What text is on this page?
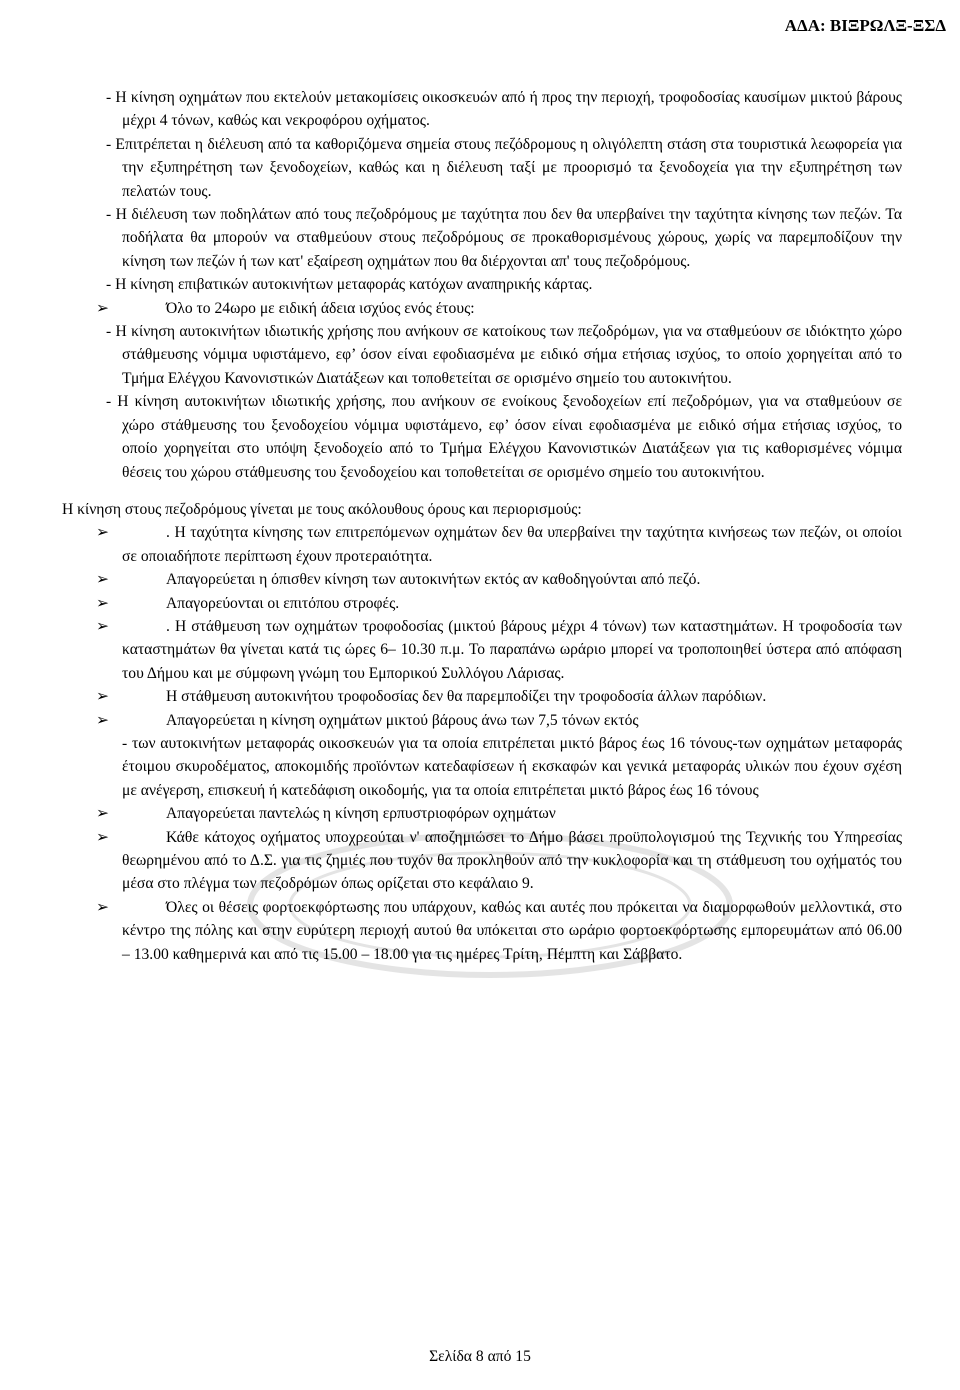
ΑΔΑ: ΒΙΞΡΩΛΞ-ΞΣΔ

- Η κίνηση οχημάτων που εκτελούν μετακομίσεις οικοσκευών από ή προς την περιοχή, τροφοδοσίας καυσίμων μικτού βάρους μέχρι 4 τόνων, καθώς και νεκροφόρου οχήματος.

- Επιτρέπεται η διέλευση από τα καθοριζόμενα σημεία στους πεζόδρομους η ολιγόλεπτη στάση στα τουριστικά λεωφορεία για την εξυπηρέτηση των ξενοδοχείων, καθώς και η διέλευση ταξί με προορισμό τα ξενοδοχεία για την εξυπηρέτηση των πελατών τους.

- Η διέλευση των ποδηλάτων από τους πεζοδρόμους με ταχύτητα που δεν θα υπερβαίνει την ταχύτητα κίνησης των πεζών. Τα ποδήλατα θα μπορούν να σταθμεύουν στους πεζοδρόμους σε προκαθορισμένους χώρους, χωρίς να παρεμποδίζουν την κίνηση των πεζών ή των κατ' εξαίρεση οχημάτων που θα διέρχονται απ' τους πεζοδρόμους.

- Η κίνηση επιβατικών αυτοκινήτων μεταφοράς κατόχων αναπηρικής κάρτας.

➢	Όλο το 24ωρο με ειδική άδεια ισχύος ενός έτους:

- Η κίνηση αυτοκινήτων ιδιωτικής χρήσης που ανήκουν σε κατοίκους των πεζοδρόμων, για να σταθμεύουν σε ιδιόκτητο χώρο στάθμευσης νόμιμα υφιστάμενο, εφ’ όσον είναι εφοδιασμένα με ειδικό σήμα ετήσιας ισχύος, το οποίο χορηγείται από το Τμήμα Ελέγχου Κανονιστικών Διατάξεων και τοποθετείται σε ορισμένο σημείο του αυτοκινήτου.

- Η κίνηση αυτοκινήτων ιδιωτικής χρήσης, που ανήκουν σε ενοίκους ξενοδοχείων επί πεζοδρόμων, για να σταθμεύουν σε χώρο στάθμευσης του ξενοδοχείου νόμιμα υφιστάμενο, εφ’ όσον είναι εφοδιασμένα με ειδικό σήμα ετήσιας ισχύος, το οποίο χορηγείται στο υπόψη ξενοδοχείο από το Τμήμα Ελέγχου Κανονιστικών Διατάξεων για τις καθορισμένες νόμιμα θέσεις του χώρου στάθμευσης του ξενοδοχείου και τοποθετείται σε ορισμένο σημείο του αυτοκινήτου.

Η κίνηση στους πεζοδρόμους γίνεται με τους ακόλουθους όρους και περιορισμούς:

➢	. Η ταχύτητα κίνησης των επιτρεπόμενων οχημάτων δεν θα υπερβαίνει την ταχύτητα κινήσεως των πεζών, οι οποίοι σε οποιαδήποτε περίπτωση έχουν προτεραιότητα.

➢	Απαγορεύεται η όπισθεν κίνηση των αυτοκινήτων εκτός αν καθοδηγούνται από πεζό.

➢	Απαγορεύονται οι επιτόπου στροφές.

➢	. Η στάθμευση των οχημάτων τροφοδοσίας (μικτού βάρους μέχρι 4 τόνων) των καταστημάτων. Η τροφοδοσία των καταστημάτων θα γίνεται κατά τις ώρες 6– 10.30 π.μ. Το παραπάνω ωράριο μπορεί να τροποποιηθεί ύστερα από απόφαση του Δήμου και με σύμφωνη γνώμη του Εμπορικού Συλλόγου Λάρισας.

➢	Η στάθμευση αυτοκινήτου τροφοδοσίας δεν θα παρεμποδίζει την τροφοδοσία άλλων παρόδιων.

➢	Απαγορεύεται η κίνηση οχημάτων μικτού βάρους άνω των 7,5 τόνων εκτός
- των αυτοκινήτων μεταφοράς οικοσκευών για τα οποία επιτρέπεται μικτό βάρος έως 16 τόνους-των οχημάτων μεταφοράς έτοιμου σκυροδέματος, αποκομιδής προϊόντων κατεδαφίσεων ή εκσκαφών και γενικά μεταφοράς υλικών που έχουν σχέση με ανέγερση, επισκευή ή κατεδάφιση οικοδομής, για τα οποία επιτρέπεται μικτό βάρος έως 16 τόνους

➢	Απαγορεύεται παντελώς η κίνηση ερπυστριοφόρων οχημάτων

➢	Κάθε κάτοχος οχήματος υποχρεούται ν' αποζημιώσει το Δήμο βάσει προϋπολογισμού της Τεχνικής του Υπηρεσίας θεωρημένου από το Δ.Σ. για τις ζημιές που τυχόν θα προκληθούν από την κυκλοφορία και τη στάθμευση του οχήματός του μέσα στο πλέγμα των πεζοδρόμων όπως ορίζεται στο κεφάλαιο 9.

➢	Όλες οι θέσεις φορτοεκφόρτωσης που υπάρχουν, καθώς και αυτές που πρόκειται να διαμορφωθούν μελλοντικά, στο κέντρο της πόλης και στην ευρύτερη περιοχή αυτού θα υπόκειται στο ωράριο φορτοεκφόρτωσης εμπορευμάτων από 06.00 – 13.00 καθημερινά και από τις 15.00 – 18.00 για τις ημέρες Τρίτη, Πέμπτη και Σάββατο.

Σελίδα 8 από 15
